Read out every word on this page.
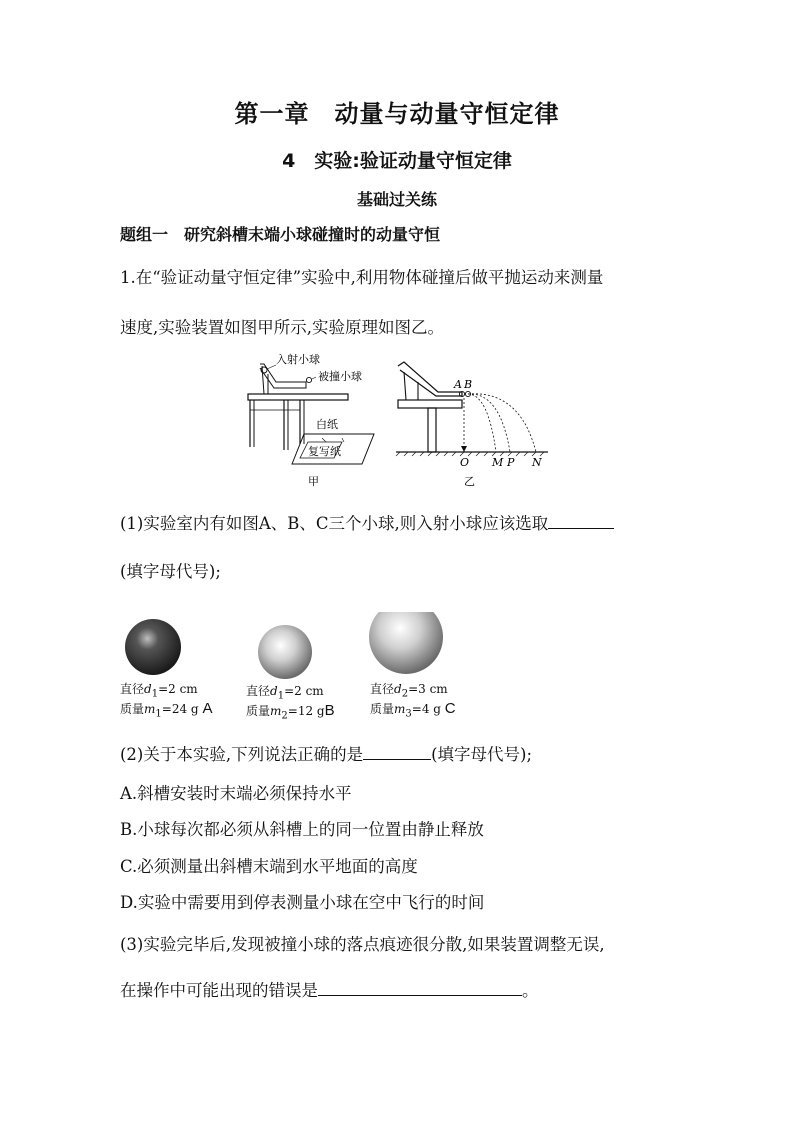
第一章　动量与动量守恒定律
4　实验:验证动量守恒定律
基础过关练
题组一　研究斜槽末端小球碰撞时的动量守恒
1.在“验证动量守恒定律”实验中,利用物体碰撞后做平抛运动来测量
速度,实验装置如图甲所示,实验原理如图乙。
入射小球
被撞小球
白纸
复写纸
甲
A B
O M P N
乙
(1)实验室内有如图A、B、C三个小球,则入射小球应该选取
(填字母代号);
直径$d_1=2$ cm
质量$m_1=24$ g A
直径$d_1=2$ cm
质量$m_2=12$ gB
直径$d_2=3$ cm
质量$m_3=4$ g C
(2)关于本实验,下列说法正确的是	(填字母代号);
A.斜槽安装时末端必须保持水平
B.小球每次都必须从斜槽上的同一位置由静止释放
C.必须测量出斜槽末端到水平地面的高度
D.实验中需要用到停表测量小球在空中飞行的时间
(3)实验完毕后,发现被撞小球的落点痕迹很分散,如果装置调整无误,
在操作中可能出现的错误是	。
